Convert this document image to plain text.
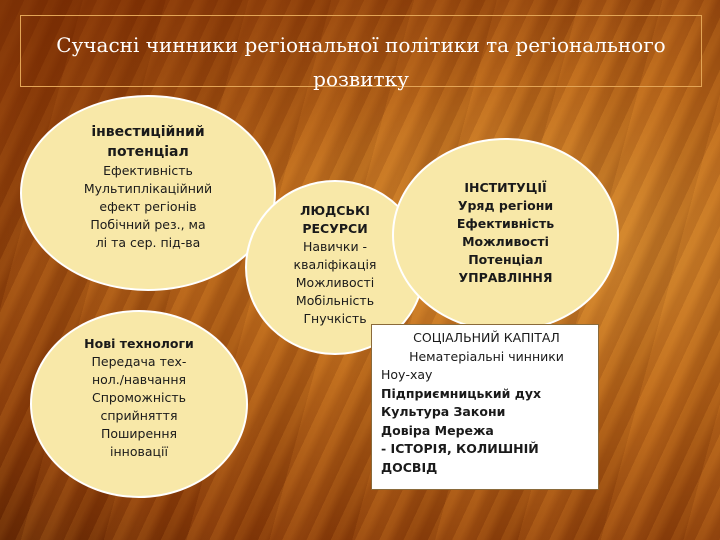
Сучасні чинники регіональної політики та регіонального
розвитку
інвестиційний
потенціал
Ефективність
Мультиплікаційний
ефект регіонів
Побічний рез., ма
лі та сер. під-ва
ЛЮДСЬКІ
РЕСУРСИ
Навички -
кваліфікація
Можливості
Мобільність
Гнучкість
ІНСТИТУЦІЇ
Уряд регіони
Ефективність
Можливості
Потенціал
УПРАВЛІННЯ
Нові технологи
Передача тех-
нол./навчання
Спроможність
сприйняття
Поширення
інновації
СОЦІАЛЬНИЙ КАПІТАЛ
Нематеріальні чинники
Ноу-хау
Підприємницький дух
Культура Закони
Довіра Мережа
- ІСТОРІЯ, КОЛИШНІЙ
ДОСВІД
